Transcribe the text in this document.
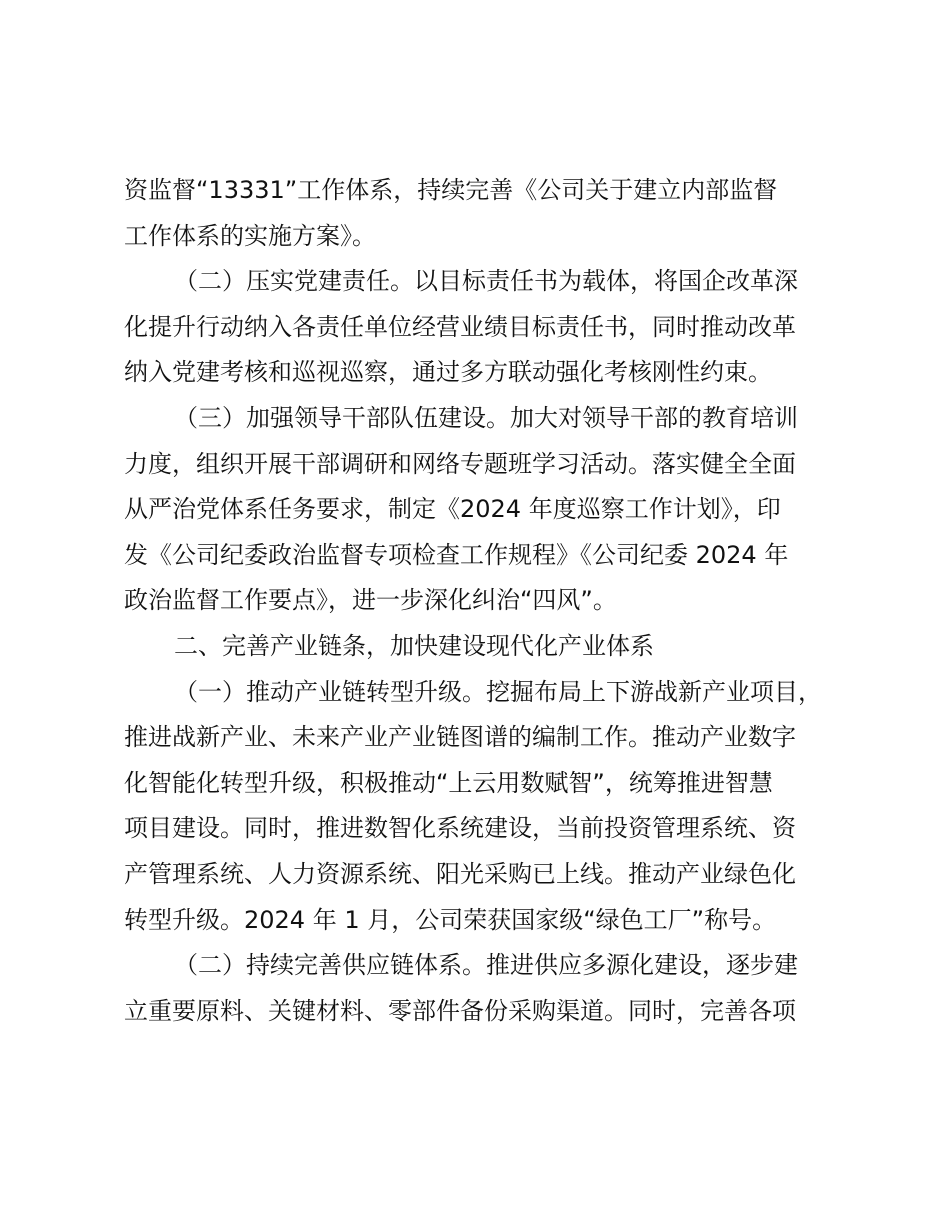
资监督“13331”工作体系，持续完善《公司关于建立内部监督
工作体系的实施方案》。
（二）压实党建责任。以目标责任书为载体，将国企改革深
化提升行动纳入各责任单位经营业绩目标责任书，同时推动改革
纳入党建考核和巡视巡察，通过多方联动强化考核刚性约束。
（三）加强领导干部队伍建设。加大对领导干部的教育培训
力度，组织开展干部调研和网络专题班学习活动。落实健全全面
从严治党体系任务要求，制定《2024 年度巡察工作计划》，印
发《公司纪委政治监督专项检查工作规程》《公司纪委 2024 年
政治监督工作要点》，进一步深化纠治“四风”。
二、完善产业链条，加快建设现代化产业体系
（一）推动产业链转型升级。挖掘布局上下游战新产业项目，
推进战新产业、未来产业产业链图谱的编制工作。推动产业数字
化智能化转型升级，积极推动“上云用数赋智”，统筹推进智慧
项目建设。同时，推进数智化系统建设，当前投资管理系统、资
产管理系统、人力资源系统、阳光采购已上线。推动产业绿色化
转型升级。2024 年 1 月，公司荣获国家级“绿色工厂”称号。
（二）持续完善供应链体系。推进供应多源化建设，逐步建
立重要原料、关键材料、零部件备份采购渠道。同时，完善各项
